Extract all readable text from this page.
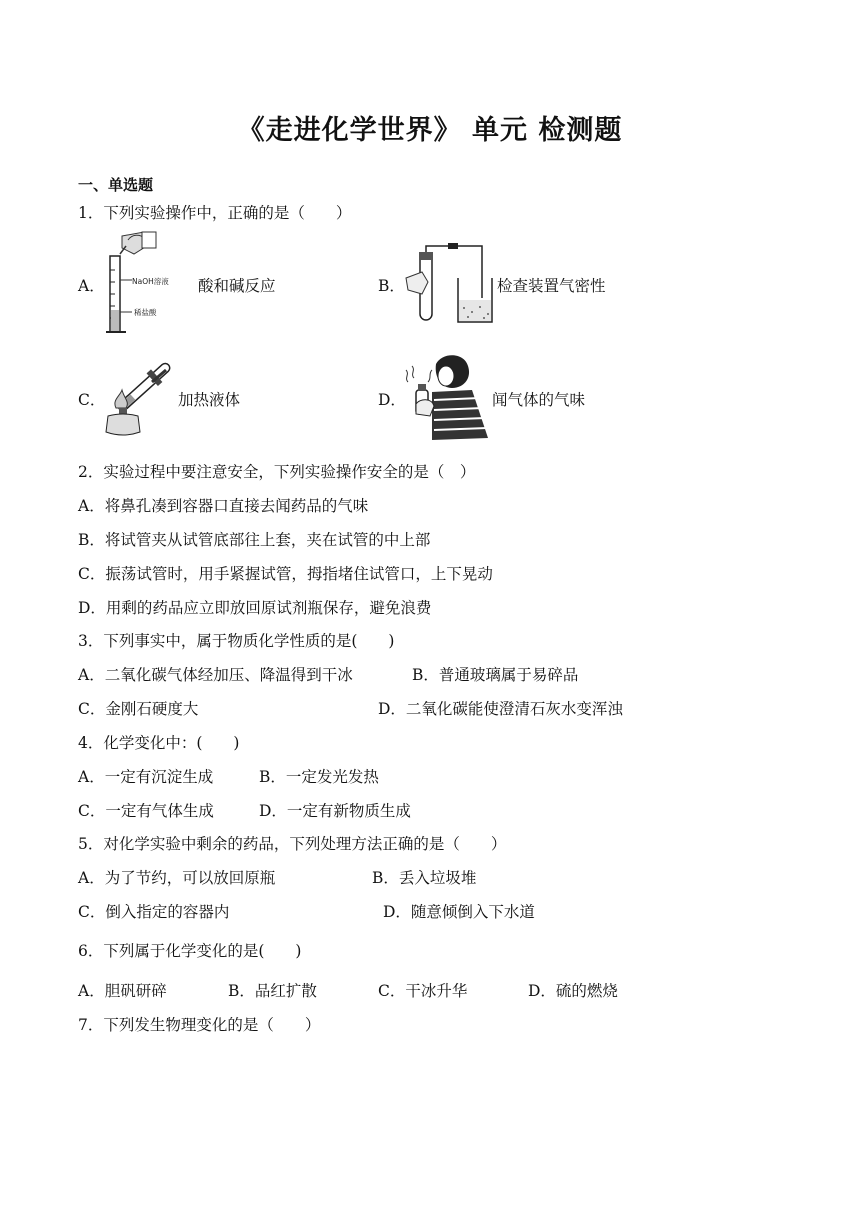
《走进化学世界》 单元 检测题
一、单选题
1．下列实验操作中，正确的是（　　）
A．	NaOH溶液
稀盐酸
酸和碱反应	B．	检查装置气密性
C．	加热液体	D．	闻气体的气味
2．实验过程中要注意安全，下列实验操作安全的是（　）
A．将鼻孔凑到容器口直接去闻药品的气味
B．将试管夹从试管底部往上套，夹在试管的中上部
C．振荡试管时，用手紧握试管，拇指堵住试管口，上下晃动
D．用剩的药品应立即放回原试剂瓶保存，避免浪费
3．下列事实中，属于物质化学性质的是(　　)
A．二氧化碳气体经加压、降温得到干冰	B．普通玻璃属于易碎品
C．金刚石硬度大	D．二氧化碳能使澄清石灰水变浑浊
4．化学变化中：(　　)
A．一定有沉淀生成	B．一定发光发热
C．一定有气体生成	D．一定有新物质生成
5．对化学实验中剩余的药品，下列处理方法正确的是（　　）
A．为了节约，可以放回原瓶	B．丢入垃圾堆
C．倒入指定的容器内	D．随意倾倒入下水道
6．下列属于化学变化的是(　　)
A．胆矾研碎	B．品红扩散	C．干冰升华	D．硫的燃烧
7．下列发生物理变化的是（　　）
